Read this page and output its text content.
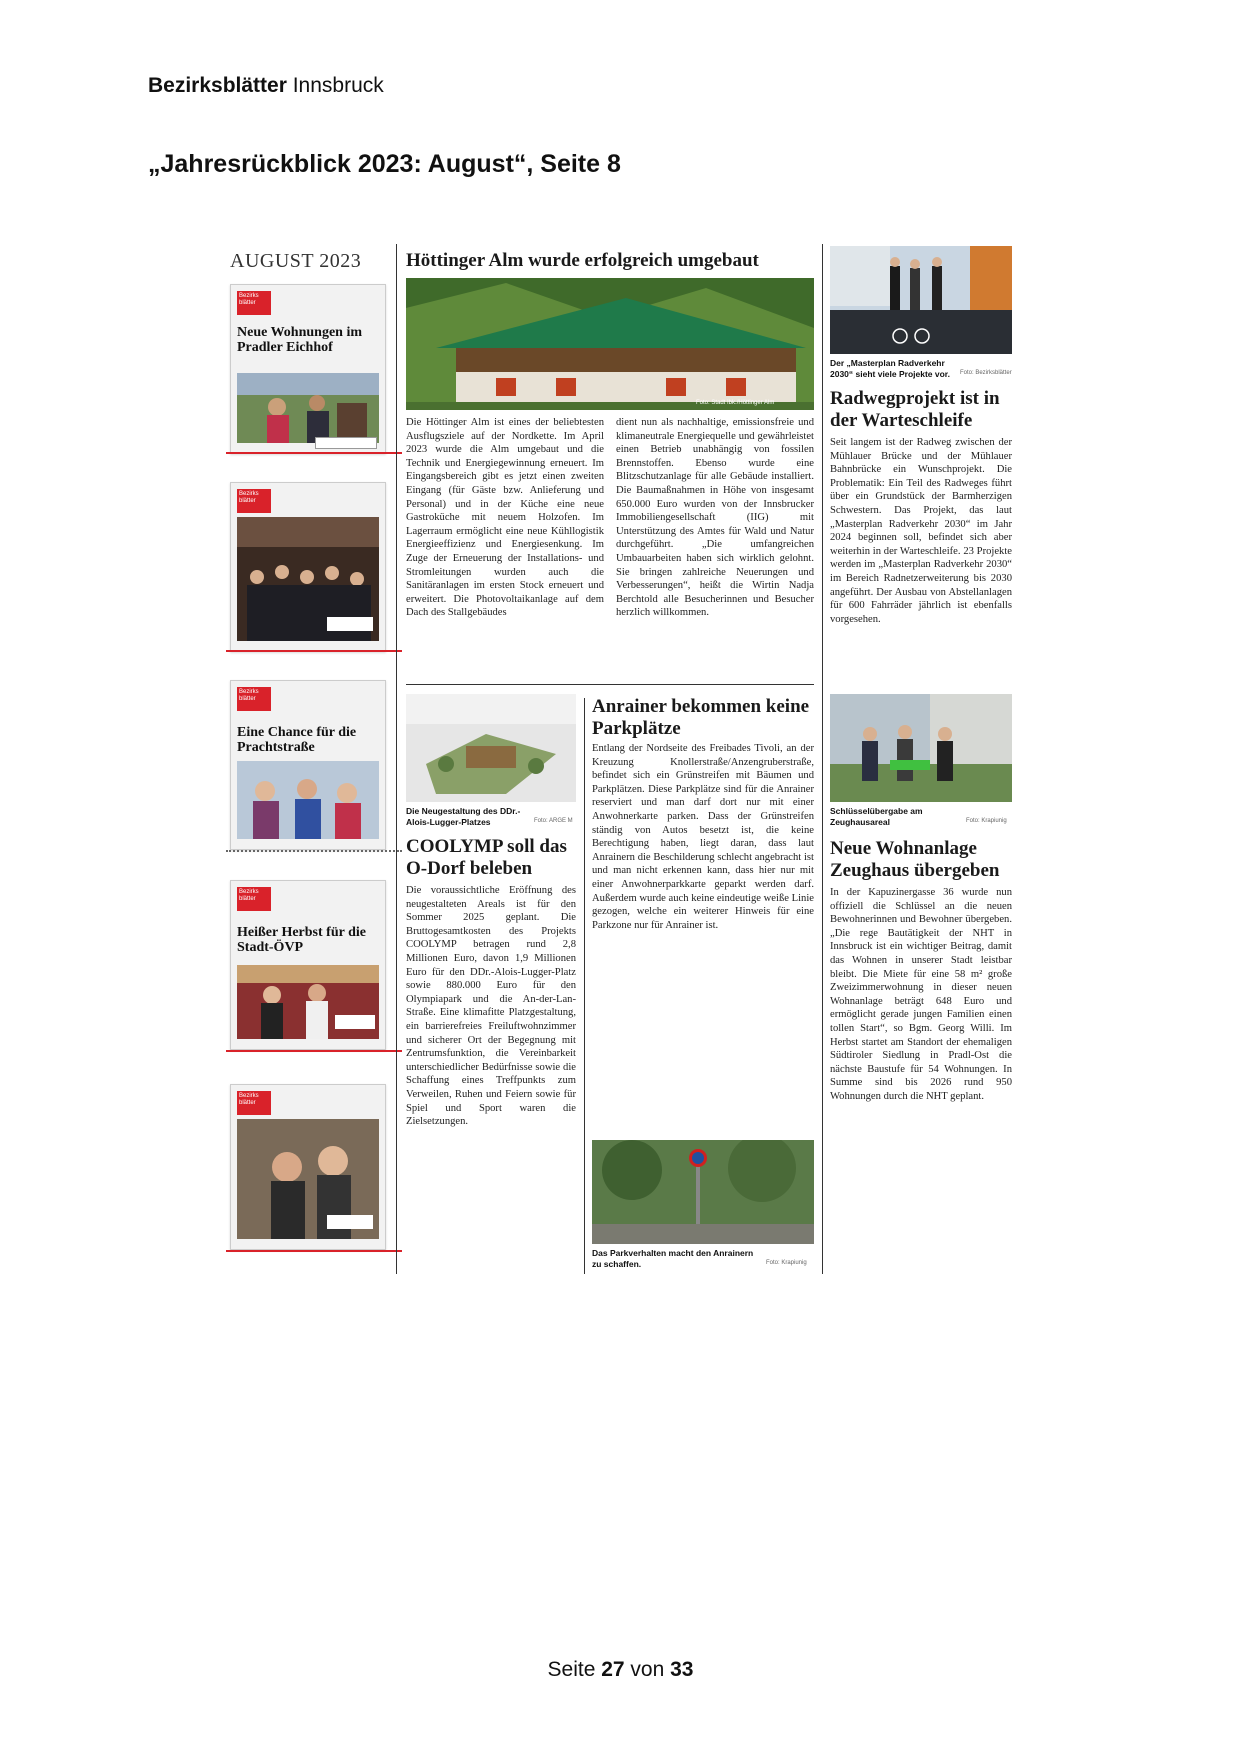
Bezirksblätter Innsbruck
„Jahresrückblick 2023: August“, Seite 8
AUGUST 2023
Bezirks blätter
Neue Wohnungen im Pradler Eichhof
Bezirks blätter
Bezirks blätter
Eine Chance für die Prachtstraße
Bezirks blätter
Heißer Herbst für die Stadt-ÖVP
Bezirks blätter
Höttinger Alm wurde erfolgreich umgebaut
Foto: Stadt Ibk./Höttinger Alm
Die Höttinger Alm ist eines der beliebtesten Ausflugsziele auf der Nordkette. Im April 2023 wurde die Alm umgebaut und die Technik und Energiegewinnung erneuert. Im Eingangsbereich gibt es jetzt einen zweiten Eingang (für Gäste bzw. Anlieferung und Personal) und in der Küche eine neue Gastroküche mit neuem Holzofen. Im Lagerraum ermöglicht eine neue Kühllogistik Energieeffizienz und Energiesenkung. Im Zuge der Erneuerung der Installations- und Stromleitungen wurden auch die Sanitäranlagen im ersten Stock erneuert und erweitert. Die Photovoltaikanlage auf dem Dach des Stallgebäudes
dient nun als nachhaltige, emissionsfreie und klimaneutrale Energiequelle und gewährleistet einen Betrieb unabhängig von fossilen Brennstoffen. Ebenso wurde eine Blitzschutzanlage für alle Gebäude installiert. Die Baumaßnahmen in Höhe von insgesamt 650.000 Euro wurden von der Innsbrucker Immobiliengesellschaft (IIG) mit Unterstützung des Amtes für Wald und Natur durchgeführt. „Die umfangreichen Umbauarbeiten haben sich wirklich gelohnt. Sie bringen zahlreiche Neuerungen und Verbesserungen“, heißt die Wirtin Nadja Berchtold alle Besucherinnen und Besucher herzlich willkommen.
Der „Masterplan Radverkehr 2030“ sieht viele Projekte vor.	Foto: Bezirksblätter
Radwegprojekt ist in der Warteschleife
Seit langem ist der Radweg zwischen der Mühlauer Brücke und der Mühlauer Bahnbrücke ein Wunschprojekt. Die Problematik: Ein Teil des Radweges führt über ein Grundstück der Barmherzigen Schwestern. Das Projekt, das laut „Masterplan Radverkehr 2030“ im Jahr 2024 beginnen soll, befindet sich aber weiterhin in der Warteschleife. 23 Projekte werden im „Masterplan Radverkehr 2030“ im Bereich Radnetzerweiterung bis 2030 angeführt. Der Ausbau von Abstellanlagen für 600 Fahrräder jährlich ist ebenfalls vorgesehen.
Die Neugestaltung des DDr.-Alois-Lugger-Platzes	Foto: ARGE M
COOLYMP soll das O-Dorf beleben
Die voraussichtliche Eröffnung des neugestalteten Areals ist für den Sommer 2025 geplant. Die Bruttogesamtkosten des Projekts COOLYMP betragen rund 2,8 Millionen Euro, davon 1,9 Millionen Euro für den DDr.-Alois-Lugger-Platz sowie 880.000 Euro für den Olympiapark und die An-der-Lan-Straße. Eine klimafitte Platzgestaltung, ein barrierefreies Freiluftwohnzimmer und sicherer Ort der Begegnung mit Zentrumsfunktion, die Vereinbarkeit unterschiedlicher Bedürfnisse sowie die Schaffung eines Treffpunkts zum Verweilen, Ruhen und Feiern sowie für Spiel und Sport waren die Zielsetzungen.
Anrainer bekommen keine Parkplätze
Entlang der Nordseite des Freibades Tivoli, an der Kreuzung Knollerstraße/Anzengruberstraße, befindet sich ein Grünstreifen mit Bäumen und Parkplätzen. Diese Parkplätze sind für die Anrainer reserviert und man darf dort nur mit einer Anwohnerkarte parken. Dass der Grünstreifen ständig von Autos besetzt ist, die keine Berechtigung haben, liegt daran, dass laut Anrainern die Beschilderung schlecht angebracht ist und man nicht erkennen kann, dass hier nur mit einer Anwohnerparkkarte geparkt werden darf. Außerdem wurde auch keine eindeutige weiße Linie gezogen, welche ein weiterer Hinweis für eine Parkzone nur für Anrainer ist.
Das Parkverhalten macht den Anrainern zu schaffen.	Foto: Krapiunig
Schlüsselübergabe am Zeughausareal	Foto: Krapiunig
Neue Wohnanlage Zeughaus übergeben
In der Kapuzinergasse 36 wurde nun offiziell die Schlüssel an die neuen Bewohnerinnen und Bewohner übergeben. „Die rege Bautätigkeit der NHT in Innsbruck ist ein wichtiger Beitrag, damit das Wohnen in unserer Stadt leistbar bleibt. Die Miete für eine 58 m² große Zweizimmerwohnung in dieser neuen Wohnanlage beträgt 648 Euro und ermöglicht gerade jungen Familien einen tollen Start“, so Bgm. Georg Willi. Im Herbst startet am Standort der ehemaligen Südtiroler Siedlung in Pradl-Ost die nächste Baustufe für 54 Wohnungen. In Summe sind bis 2026 rund 950 Wohnungen durch die NHT geplant.
Seite 27 von 33
